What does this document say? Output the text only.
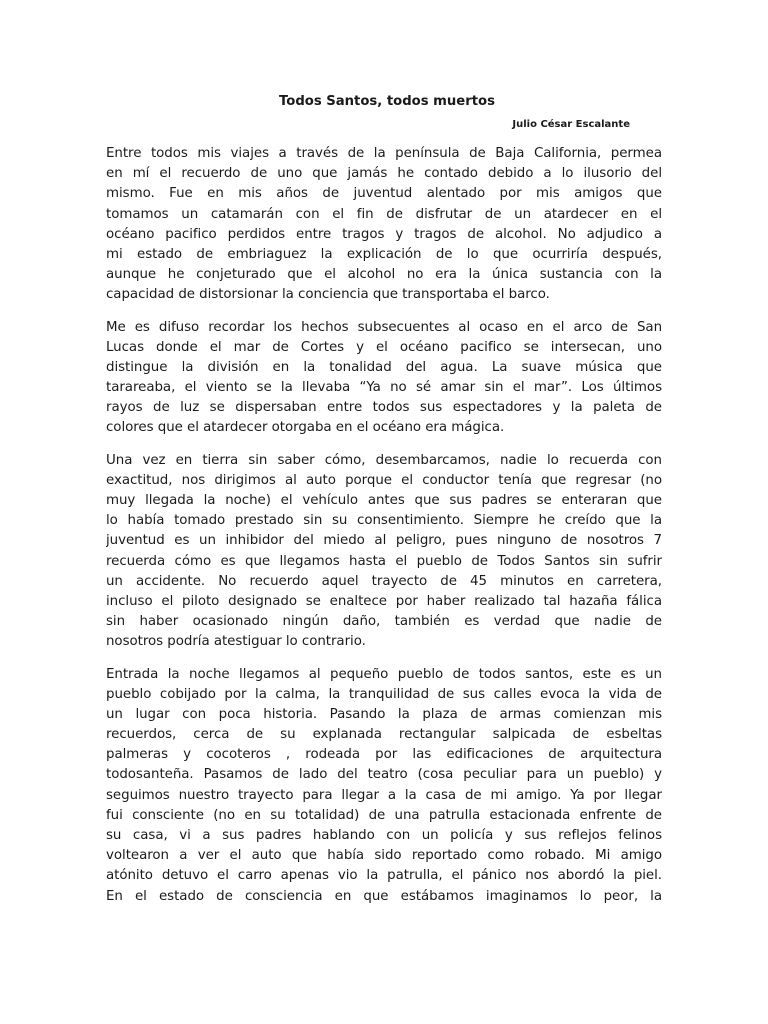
Todos Santos, todos muertos
Julio César Escalante
Entre todos mis viajes a través de la península de Baja California, permea
en mí el recuerdo de uno que jamás he contado debido a lo ilusorio del
mismo. Fue en mis años de juventud alentado por mis amigos que
tomamos un catamarán con el fin de disfrutar de un atardecer en el
océano pacifico perdidos entre tragos y tragos de alcohol. No adjudico a
mi estado de embriaguez la explicación de lo que ocurriría después,
aunque he conjeturado que el alcohol no era la única sustancia con la
capacidad de distorsionar la conciencia que transportaba el barco.
Me es difuso recordar los hechos subsecuentes al ocaso en el arco de San
Lucas donde el mar de Cortes y el océano pacifico se intersecan, uno
distingue la división en la tonalidad del agua. La suave música que
tarareaba, el viento se la llevaba “Ya no sé amar sin el mar”. Los últimos
rayos de luz se dispersaban entre todos sus espectadores y la paleta de
colores que el atardecer otorgaba en el océano era mágica.
Una vez en tierra sin saber cómo, desembarcamos, nadie lo recuerda con
exactitud, nos dirigimos al auto porque el conductor tenía que regresar (no
muy llegada la noche) el vehículo antes que sus padres se enteraran que
lo había tomado prestado sin su consentimiento. Siempre he creído que la
juventud es un inhibidor del miedo al peligro, pues ninguno de nosotros 7
recuerda cómo es que llegamos hasta el pueblo de Todos Santos sin sufrir
un accidente. No recuerdo aquel trayecto de 45 minutos en carretera,
incluso el piloto designado se enaltece por haber realizado tal hazaña fálica
sin haber ocasionado ningún daño, también es verdad que nadie de
nosotros podría atestiguar lo contrario.
Entrada la noche llegamos al pequeño pueblo de todos santos, este es un
pueblo cobijado por la calma, la tranquilidad de sus calles evoca la vida de
un lugar con poca historia. Pasando la plaza de armas comienzan mis
recuerdos, cerca de su explanada rectangular salpicada de esbeltas
palmeras y cocoteros , rodeada por las edificaciones de arquitectura
todosanteña. Pasamos de lado del teatro (cosa peculiar para un pueblo) y
seguimos nuestro trayecto para llegar a la casa de mi amigo. Ya por llegar
fui consciente (no en su totalidad) de una patrulla estacionada enfrente de
su casa, vi a sus padres hablando con un policía y sus reflejos felinos
voltearon a ver el auto que había sido reportado como robado. Mi amigo
atónito detuvo el carro apenas vio la patrulla, el pánico nos abordó la piel.
En el estado de consciencia en que estábamos imaginamos lo peor, la
